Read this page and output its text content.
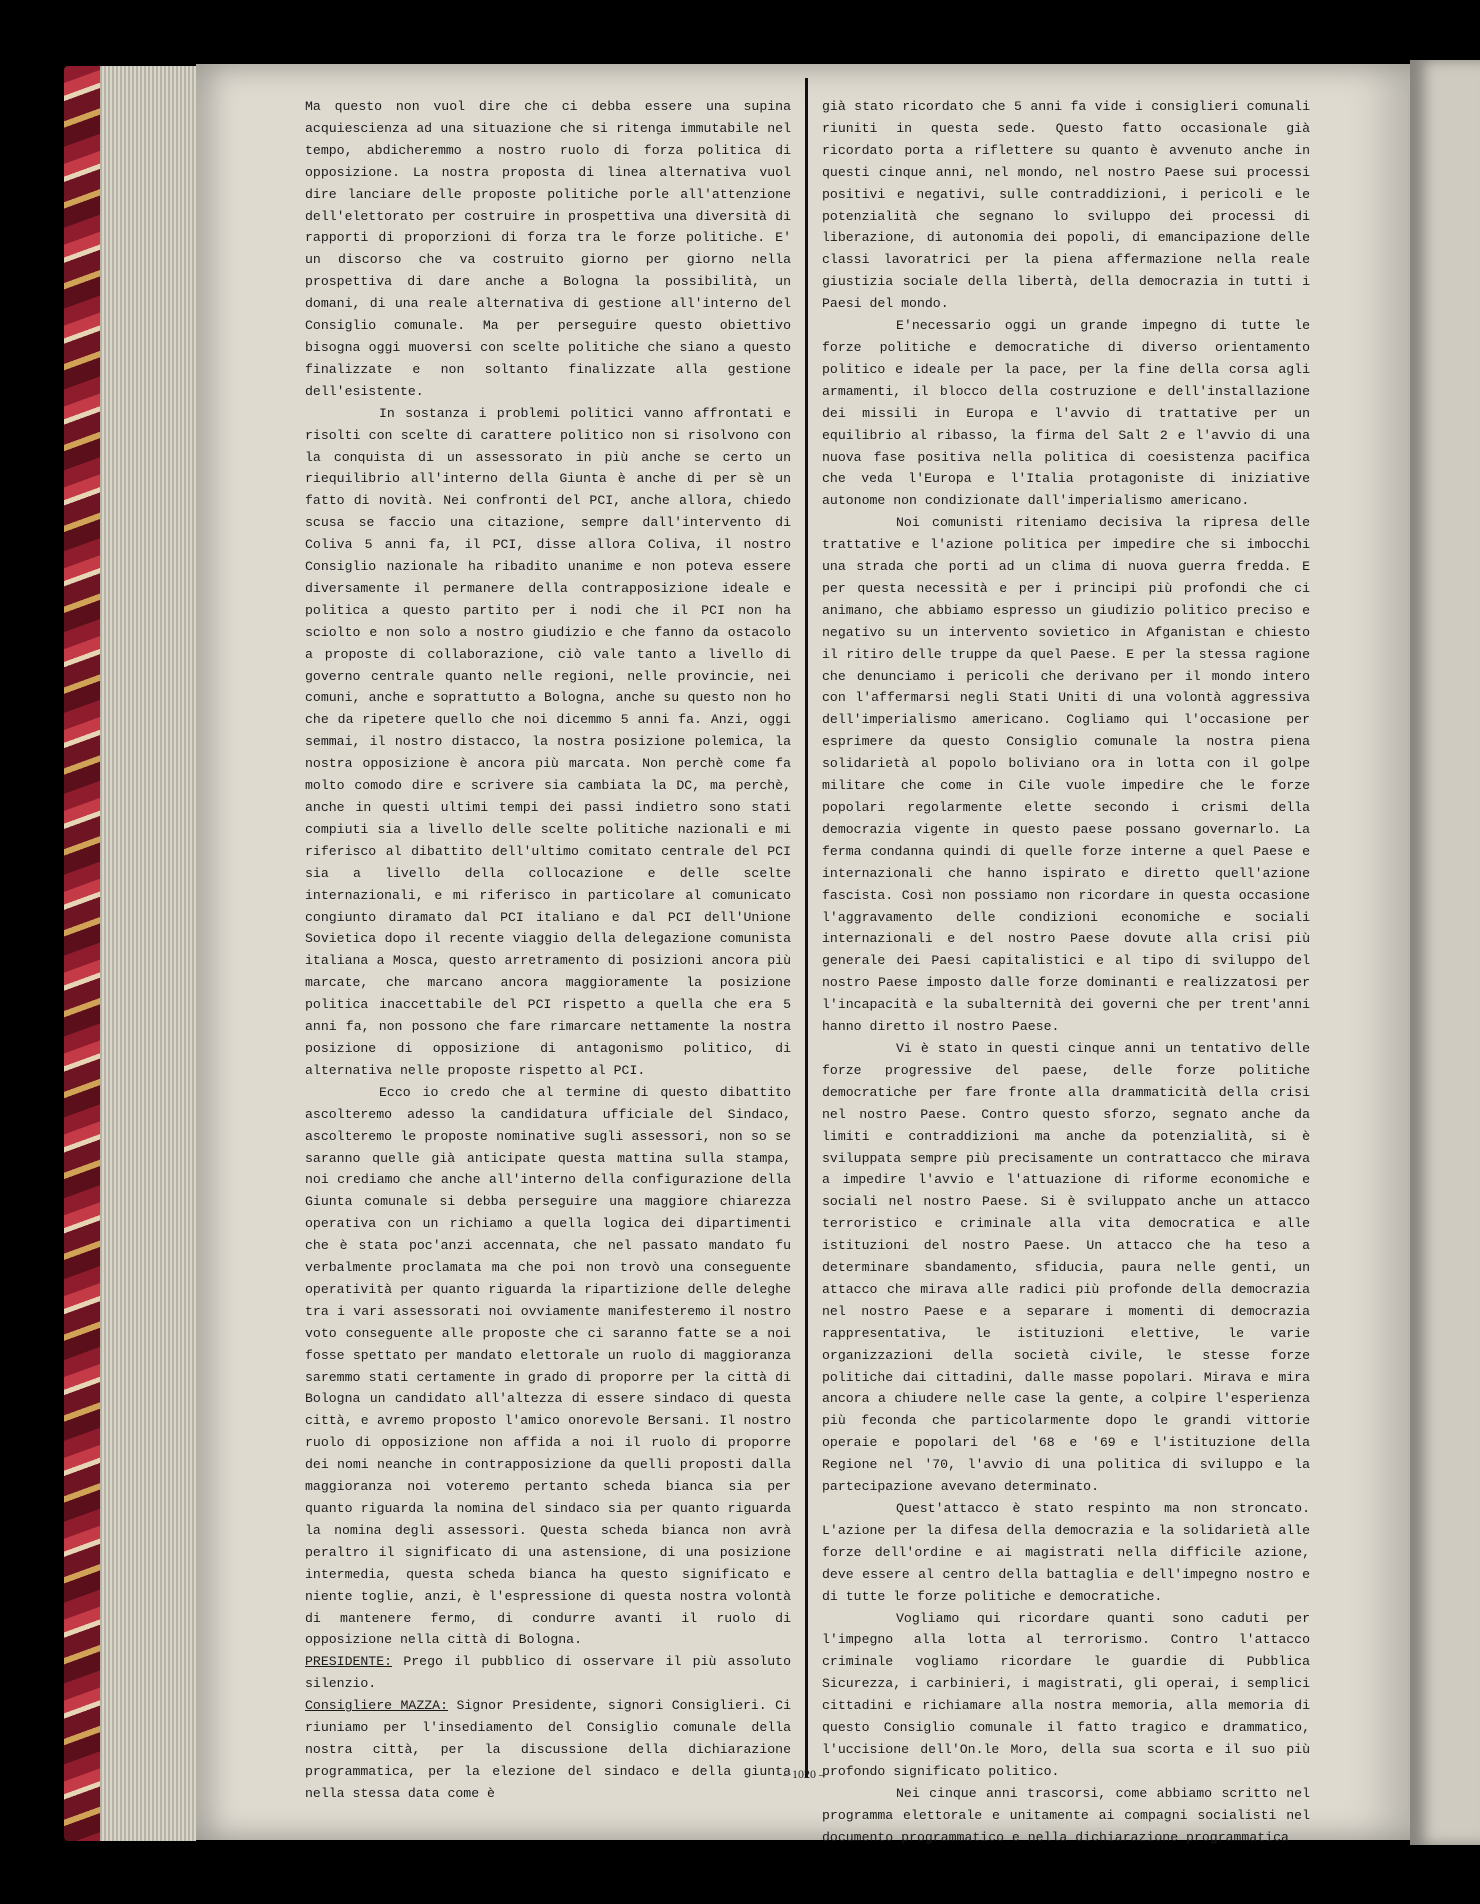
Ma questo non vuol dire che ci debba essere una supina acquiescienza ad una situazione che si ritenga immutabile nel tempo, abdicheremmo a nostro ruolo di forza politica di opposizione. La nostra proposta di linea alternativa vuol dire lanciare delle proposte politiche porle all'attenzione dell'elettorato per costruire in prospettiva una diversità di rapporti di proporzioni di forza tra le forze politiche. E' un discorso che va costruito giorno per giorno nella prospettiva di dare anche a Bologna la possibilità, un domani, di una reale alternativa di gestione all'interno del Consiglio comunale. Ma per perseguire questo obiettivo bisogna oggi muoversi con scelte politiche che siano a questo finalizzate e non soltanto finalizzate alla gestione dell'esistente.

In sostanza i problemi politici vanno affrontati e risolti con scelte di carattere politico non si risolvono con la conquista di un assessorato in più anche se certo un riequilibrio all'interno della Giunta è anche di per sè un fatto di novità. Nei confronti del PCI, anche allora, chiedo scusa se faccio una citazione, sempre dall'intervento di Coliva 5 anni fa, il PCI, disse allora Coliva, il nostro Consiglio nazionale ha ribadito unanime e non poteva essere diversamente il permanere della contrapposizione ideale e politica a questo partito per i nodi che il PCI non ha sciolto e non solo a nostro giudizio e che fanno da ostacolo a proposte di collaborazione, ciò vale tanto a livello di governo centrale quanto nelle regioni, nelle provincie, nei comuni, anche e soprattutto a Bologna, anche su questo non ho che da ripetere quello che noi dicemmo 5 anni fa. Anzi, oggi semmai, il nostro distacco, la nostra posizione polemica, la nostra opposizione è ancora più marcata. Non perchè come fa molto comodo dire e scrivere sia cambiata la DC, ma perchè, anche in questi ultimi tempi dei passi indietro sono stati compiuti sia a livello delle scelte politiche nazionali e mi riferisco al dibattito dell'ultimo comitato centrale del PCI sia a livello della collocazione e delle scelte internazionali, e mi riferisco in particolare al comunicato congiunto diramato dal PCI italiano e dal PCI dell'Unione Sovietica dopo il recente viaggio della delegazione comunista italiana a Mosca, questo arretramento di posizioni ancora più marcate, che marcano ancora maggioramente la posizione politica inaccettabile del PCI rispetto a quella che era 5 anni fa, non possono che fare rimarcare nettamente la nostra posizione di opposizione di antagonismo politico, di alternativa nelle proposte rispetto al PCI.

Ecco io credo che al termine di questo dibattito ascolteremo adesso la candidatura ufficiale del Sindaco, ascolteremo le proposte nominative sugli assessori, non so se saranno quelle già anticipate questa mattina sulla stampa, noi crediamo che anche all'interno della configurazione della Giunta comunale si debba perseguire una maggiore chiarezza operativa con un richiamo a quella logica dei dipartimenti che è stata poc'anzi accennata, che nel passato mandato fu verbalmente proclamata ma che poi non trovò una conseguente operatività per quanto riguarda la ripartizione delle deleghe tra i vari assessorati noi ovviamente manifesteremo il nostro voto conseguente alle proposte che ci saranno fatte se a noi fosse spettato per mandato elettorale un ruolo di maggioranza saremmo stati certamente in grado di proporre per la città di Bologna un candidato all'altezza di essere sindaco di questa città, e avremo proposto l'amico onorevole Bersani. Il nostro ruolo di opposizione non affida a noi il ruolo di proporre dei nomi neanche in contrapposizione da quelli proposti dalla maggioranza noi voteremo pertanto scheda bianca sia per quanto riguarda la nomina del sindaco sia per quanto riguarda la nomina degli assessori. Questa scheda bianca non avrà peraltro il significato di una astensione, di una posizione intermedia, questa scheda bianca ha questo significato e niente toglie, anzi, è l'espressione di questa nostra volontà di mantenere fermo, di condurre avanti il ruolo di opposizione nella città di Bologna.

PRESIDENTE: Prego il pubblico di osservare il più assoluto silenzio.

Consigliere MAZZA: Signor Presidente, signori Consiglieri. Ci riuniamo per l'insediamento del Consiglio comunale della nostra città, per la discussione della dichiarazione programmatica, per la elezione del sindaco e della giunta nella stessa data come è

già stato ricordato che 5 anni fa vide i consiglieri comunali riuniti in questa sede. Questo fatto occasionale già ricordato porta a riflettere su quanto è avvenuto anche in questi cinque anni, nel mondo, nel nostro Paese sui processi positivi e negativi, sulle contraddizioni, i pericoli e le potenzialità che segnano lo sviluppo dei processi di liberazione, di autonomia dei popoli, di emancipazione delle classi lavoratrici per la piena affermazione nella reale giustizia sociale della libertà, della democrazia in tutti i Paesi del mondo.

E'necessario oggi un grande impegno di tutte le forze politiche e democratiche di diverso orientamento politico e ideale per la pace, per la fine della corsa agli armamenti, il blocco della costruzione e dell'installazione dei missili in Europa e l'avvio di trattative per un equilibrio al ribasso, la firma del Salt 2 e l'avvio di una nuova fase positiva nella politica di coesistenza pacifica che veda l'Europa e l'Italia protagoniste di iniziative autonome non condizionate dall'imperialismo americano.

Noi comunisti riteniamo decisiva la ripresa delle trattative e l'azione politica per impedire che si imbocchi una strada che porti ad un clima di nuova guerra fredda. E per questa necessità e per i principi più profondi che ci animano, che abbiamo espresso un giudizio politico preciso e negativo su un intervento sovietico in Afganistan e chiesto il ritiro delle truppe da quel Paese. E per la stessa ragione che denunciamo i pericoli che derivano per il mondo intero con l'affermarsi negli Stati Uniti di una volontà aggressiva dell'imperialismo americano. Cogliamo qui l'occasione per esprimere da questo Consiglio comunale la nostra piena solidarietà al popolo boliviano ora in lotta con il golpe militare che come in Cile vuole impedire che le forze popolari regolarmente elette secondo i crismi della democrazia vigente in questo paese possano governarlo. La ferma condanna quindi di quelle forze interne a quel Paese e internazionali che hanno ispirato e diretto quell'azione fascista. Così non possiamo non ricordare in questa occasione l'aggravamento delle condizioni economiche e sociali internazionali e del nostro Paese dovute alla crisi più generale dei Paesi capitalistici e al tipo di sviluppo del nostro Paese imposto dalle forze dominanti e realizzatosi per l'incapacità e la subalternità dei governi che per trent'anni hanno diretto il nostro Paese.

Vi è stato in questi cinque anni un tentativo delle forze progressive del paese, delle forze politiche democratiche per fare fronte alla drammaticità della crisi nel nostro Paese. Contro questo sforzo, segnato anche da limiti e contraddizioni ma anche da potenzialità, si è sviluppata sempre più precisamente un contrattacco che mirava a impedire l'avvio e l'attuazione di riforme economiche e sociali nel nostro Paese. Si è sviluppato anche un attacco terroristico e criminale alla vita democratica e alle istituzioni del nostro Paese. Un attacco che ha teso a determinare sbandamento, sfiducia, paura nelle genti, un attacco che mirava alle radici più profonde della democrazia nel nostro Paese e a separare i momenti di democrazia rappresentativa, le istituzioni elettive, le varie organizzazioni della società civile, le stesse forze politiche dai cittadini, dalle masse popolari. Mirava e mira ancora a chiudere nelle case la gente, a colpire l'esperienza più feconda che particolarmente dopo le grandi vittorie operaie e popolari del '68 e '69 e l'istituzione della Regione nel '70, l'avvio di una politica di sviluppo e la partecipazione avevano determinato.

Quest'attacco è stato respinto ma non stroncato. L'azione per la difesa della democrazia e la solidarietà alle forze dell'ordine e ai magistrati nella difficile azione, deve essere al centro della battaglia e dell'impegno nostro e di tutte le forze politiche e democratiche.

Vogliamo qui ricordare quanti sono caduti per l'impegno alla lotta al terrorismo. Contro l'attacco criminale vogliamo ricordare le guardie di Pubblica Sicurezza, i carbinieri, i magistrati, gli operai, i semplici cittadini e richiamare alla nostra memoria, alla memoria di questo Consiglio comunale il fatto tragico e drammatico, l'uccisione dell'On.le Moro, della sua scorta e il suo più profondo significato politico.

Nei cinque anni trascorsi, come abbiamo scritto nel programma elettorale e unitamente ai compagni socialisti nel documento programmatico e nella dichiarazione programmatica

– 1020 –
